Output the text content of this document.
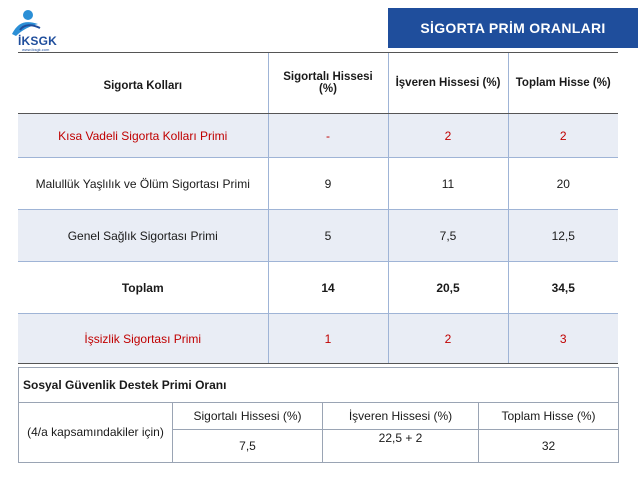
İKSGK
www.iksgk.com
SİGORTA PRİM ORANLARI
Sigorta Kolları	Sigortalı Hissesi (%)	İşveren Hissesi (%)	Toplam Hisse (%)
Kısa Vadeli Sigorta Kolları Primi	-	2	2
Malullük Yaşlılık ve Ölüm Sigortası Primi	9	11	20
Genel Sağlık Sigortası Primi	5	7,5	12,5
Toplam	14	20,5	34,5
İşsizlik Sigortası Primi	1	2	3
Sosyal Güvenlik Destek Primi Oranı			
(4/a kapsamındakiler için)	Sigortalı Hissesi (%)	İşveren Hissesi (%)	Toplam Hisse (%)
	7,5	22,5 + 2	32
